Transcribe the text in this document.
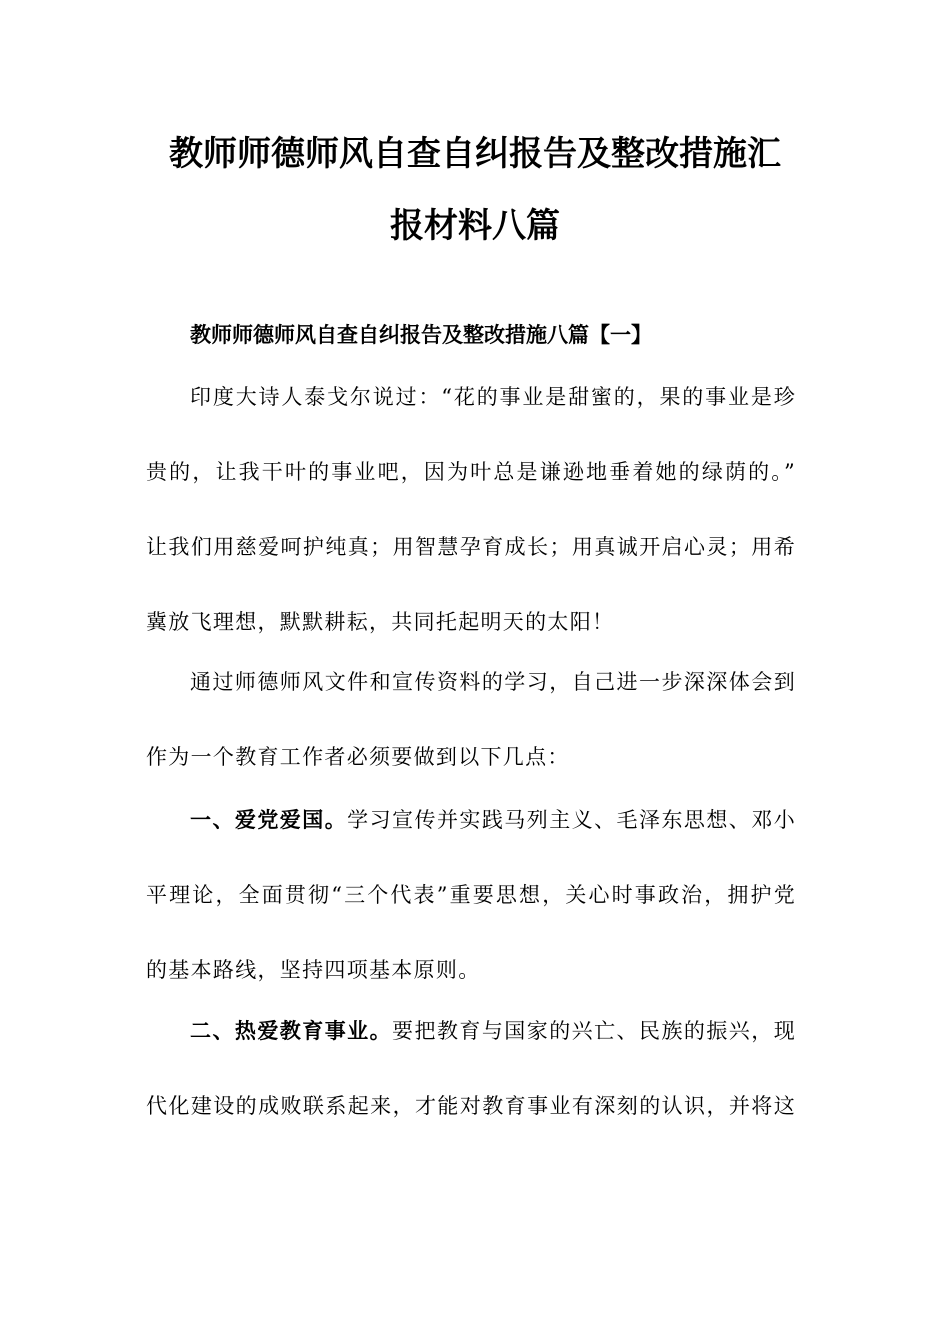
教师师德师风自查自纠报告及整改措施汇
报材料八篇
教师师德师风自查自纠报告及整改措施八篇【一】

印度大诗人泰戈尔说过：“花的事业是甜蜜的，果的事业是珍

贵的，让我干叶的事业吧，因为叶总是谦逊地垂着她的绿荫的。”

让我们用慈爱呵护纯真；用智慧孕育成长；用真诚开启心灵；用希

冀放飞理想，默默耕耘，共同托起明天的太阳！

通过师德师风文件和宣传资料的学习，自己进一步深深体会到

作为一个教育工作者必须要做到以下几点：

一、爱党爱国。学习宣传并实践马列主义、毛泽东思想、邓小

平理论，全面贯彻“三个代表”重要思想，关心时事政治，拥护党

的基本路线，坚持四项基本原则。

二、热爱教育事业。要把教育与国家的兴亡、民族的振兴，现

代化建设的成败联系起来，才能对教育事业有深刻的认识，并将这
